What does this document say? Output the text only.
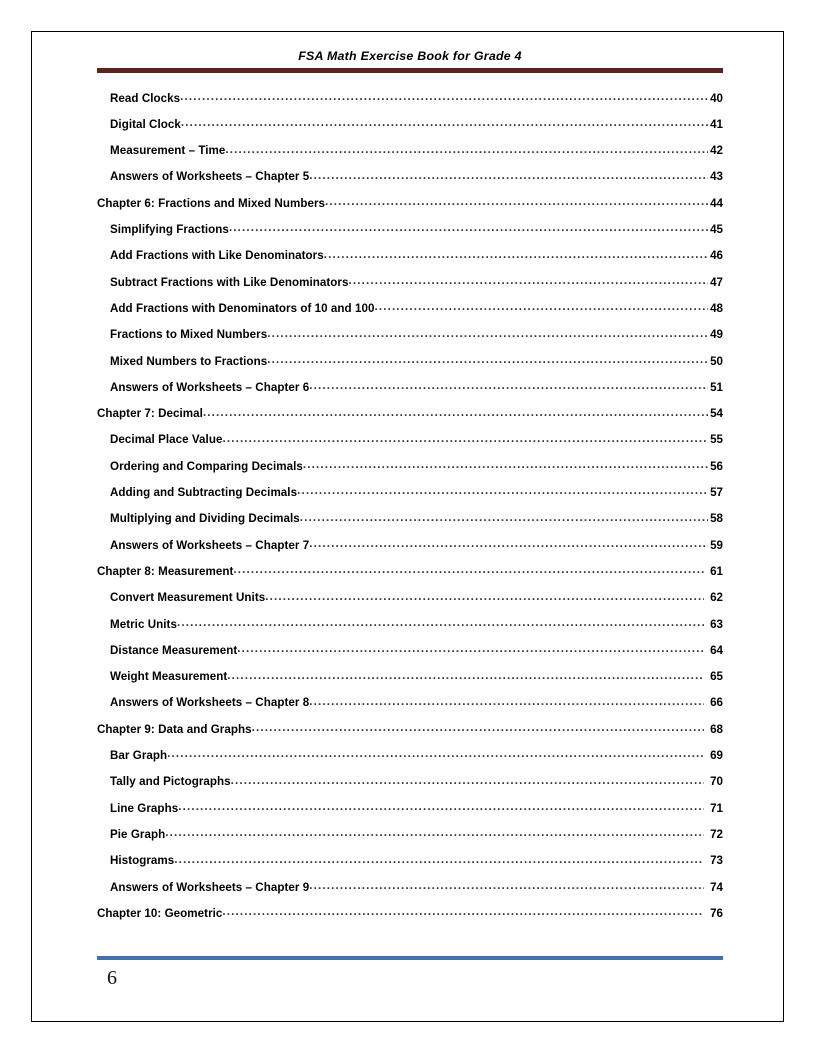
FSA Math Exercise Book for Grade 4
Read Clocks .....	40
Digital Clock .....	41
Measurement – Time .....	42
Answers of Worksheets – Chapter 5 .....	43
Chapter 6: Fractions and Mixed Numbers .....	44
Simplifying Fractions .....	45
Add Fractions with Like Denominators .....	46
Subtract Fractions with Like Denominators .....	47
Add Fractions with Denominators of 10 and 100 .....	48
Fractions to Mixed Numbers .....	49
Mixed Numbers to Fractions .....	50
Answers of Worksheets – Chapter 6 .....	51
Chapter 7: Decimal .....	54
Decimal Place Value .....	55
Ordering and Comparing Decimals .....	56
Adding and Subtracting Decimals .....	57
Multiplying and Dividing Decimals .....	58
Answers of Worksheets – Chapter 7 .....	59
Chapter 8: Measurement .....	61
Convert Measurement Units .....	62
Metric Units .....	63
Distance Measurement .....	64
Weight Measurement .....	65
Answers of Worksheets – Chapter 8 .....	66
Chapter 9: Data and Graphs .....	68
Bar Graph .....	69
Tally and Pictographs .....	70
Line Graphs .....	71
Pie Graph .....	72
Histograms .....	73
Answers of Worksheets – Chapter 9 .....	74
Chapter 10: Geometric .....	76
6
